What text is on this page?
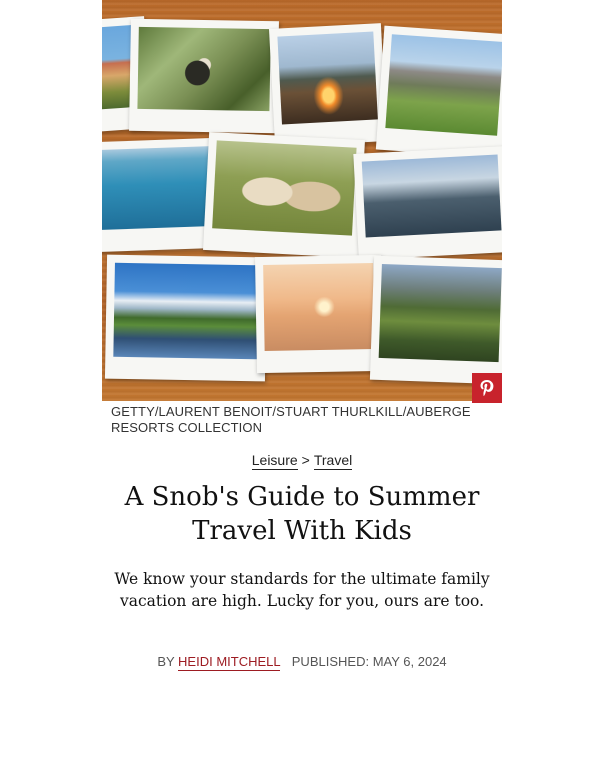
GETTY/LAURENT BENOIT/STUART THURLKILL/AUBERGE RESORTS COLLECTION
Leisure > Travel
A Snob's Guide to Summer Travel With Kids

We know your standards for the ultimate family vacation are high. Lucky for you, ours are too.

BY HEIDI MITCHELL PUBLISHED: MAY 6, 2024
